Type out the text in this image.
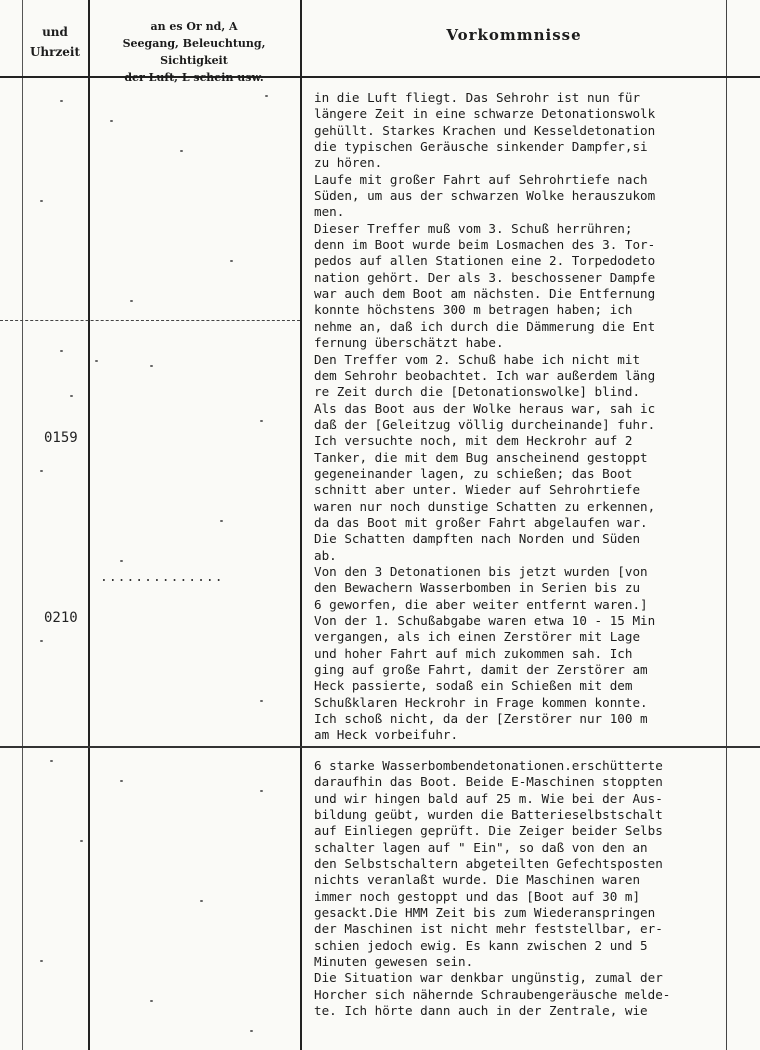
und
Uhrzeit
an es Or nd, A
Seegang, Beleuchtung, Sichtigkeit
der Luft, L schein usw.
Vorkommnisse
0159
0210
..............
in die Luft fliegt. Das Sehrohr ist nun für
längere Zeit in eine schwarze Detonationswolk
gehüllt. Starkes Krachen und Kesseldetonation
die typischen Geräusche sinkender Dampfer,si
zu hören.
Laufe mit großer Fahrt auf Sehrohrtiefe nach
Süden, um aus der schwarzen Wolke herauszukom
men.
Dieser Treffer muß vom 3. Schuß herrühren;
denn im Boot wurde beim Losmachen des 3. Tor-
pedos auf allen Stationen eine 2. Torpedodeto
nation gehört. Der als 3. beschossener Dampfe
war auch dem Boot am nächsten. Die Entfernung
konnte höchstens 300 m betragen haben; ich
nehme an, daß ich durch die Dämmerung die Ent
fernung überschätzt habe.
Den Treffer vom 2. Schuß habe ich nicht mit
dem Sehrohr beobachtet. Ich war außerdem läng
re Zeit durch die [Detonationswolke] blind.
Als das Boot aus der Wolke heraus war, sah ic
daß der [Geleitzug völlig durcheinande] fuhr.
Ich versuchte noch, mit dem Heckrohr auf 2
Tanker, die mit dem Bug anscheinend gestoppt
gegeneinander lagen, zu schießen; das Boot
schnitt aber unter. Wieder auf Sehrohrtiefe
waren nur noch dunstige Schatten zu erkennen,
da das Boot mit großer Fahrt abgelaufen war.
Die Schatten dampften nach Norden und Süden
ab.
Von den 3 Detonationen bis jetzt wurden [von
den Bewachern Wasserbomben in Serien bis zu
6 geworfen, die aber weiter entfernt waren.]
Von der 1. Schußabgabe waren etwa 10 - 15 Min
vergangen, als ich einen Zerstörer mit Lage
und hoher Fahrt auf mich zukommen sah. Ich
ging auf große Fahrt, damit der Zerstörer am
Heck passierte, sodaß ein Schießen mit dem
Schußklaren Heckrohr in Frage kommen konnte.
Ich schoß nicht, da der [Zerstörer nur 100 m
am Heck vorbeifuhr.
6 starke Wasserbombendetonationen.erschütterte
daraufhin das Boot. Beide E-Maschinen stoppten
und wir hingen bald auf 25 m. Wie bei der Aus-
bildung geübt, wurden die Batterieselbstschalt
auf Einliegen geprüft. Die Zeiger beider Selbs
schalter lagen auf " Ein", so daß von den an
den Selbstschaltern abgeteilten Gefechtsposten
nichts veranlaßt wurde. Die Maschinen waren
immer noch gestoppt und das [Boot auf 30 m]
gesackt.Die HMM Zeit bis zum Wiederanspringen
der Maschinen ist nicht mehr feststellbar, er-
schien jedoch ewig. Es kann zwischen 2 und 5
Minuten gewesen sein.
Die Situation war denkbar ungünstig, zumal der
Horcher sich nähernde Schraubengeräusche melde-
te. Ich hörte dann auch in der Zentrale, wie
